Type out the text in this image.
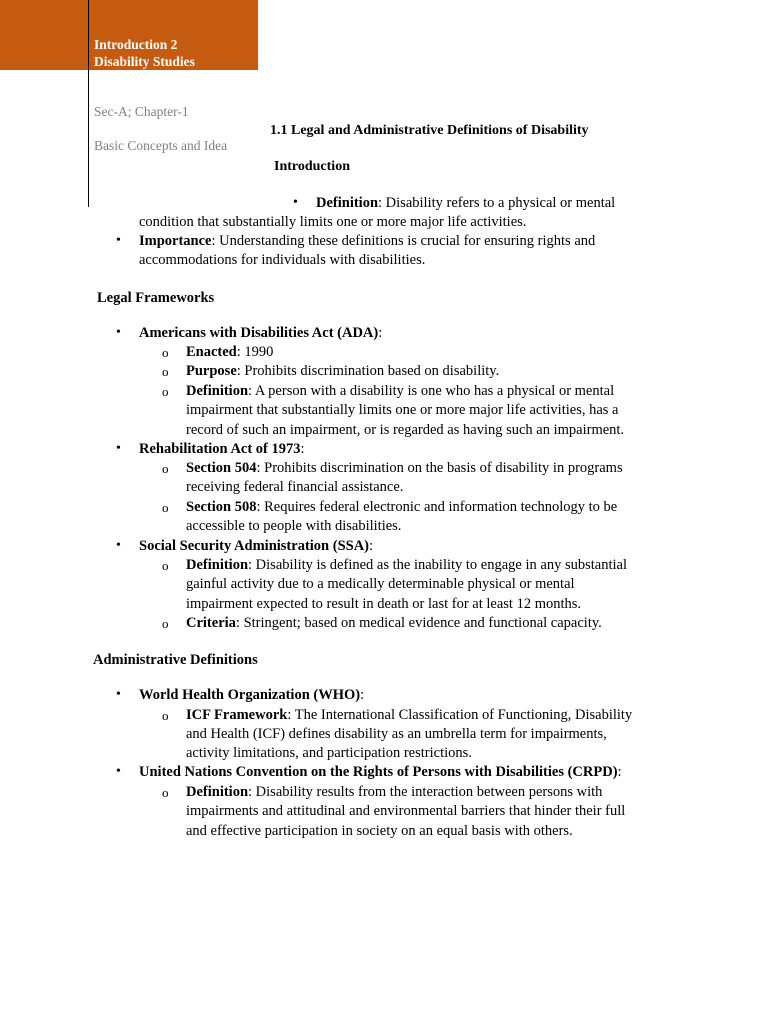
Introduction 2
Disability Studies
Sec-A; Chapter-1
Basic Concepts and Idea
1.1 Legal and Administrative Definitions of Disability
Introduction
• Definition: Disability refers to a physical or mental
condition that substantially limits one or more major life activities.
• Importance: Understanding these definitions is crucial for ensuring rights and
accommodations for individuals with disabilities.
Legal Frameworks
• Americans with Disabilities Act (ADA):
o Enacted: 1990
o Purpose: Prohibits discrimination based on disability.
o Definition: A person with a disability is one who has a physical or mental
impairment that substantially limits one or more major life activities, has a
record of such an impairment, or is regarded as having such an impairment.
• Rehabilitation Act of 1973:
o Section 504: Prohibits discrimination on the basis of disability in programs
receiving federal financial assistance.
o Section 508: Requires federal electronic and information technology to be
accessible to people with disabilities.
• Social Security Administration (SSA):
o Definition: Disability is defined as the inability to engage in any substantial
gainful activity due to a medically determinable physical or mental
impairment expected to result in death or last for at least 12 months.
o Criteria: Stringent; based on medical evidence and functional capacity.
Administrative Definitions
• World Health Organization (WHO):
o ICF Framework: The International Classification of Functioning, Disability
and Health (ICF) defines disability as an umbrella term for impairments,
activity limitations, and participation restrictions.
• United Nations Convention on the Rights of Persons with Disabilities (CRPD):
o Definition: Disability results from the interaction between persons with
impairments and attitudinal and environmental barriers that hinder their full
and effective participation in society on an equal basis with others.
